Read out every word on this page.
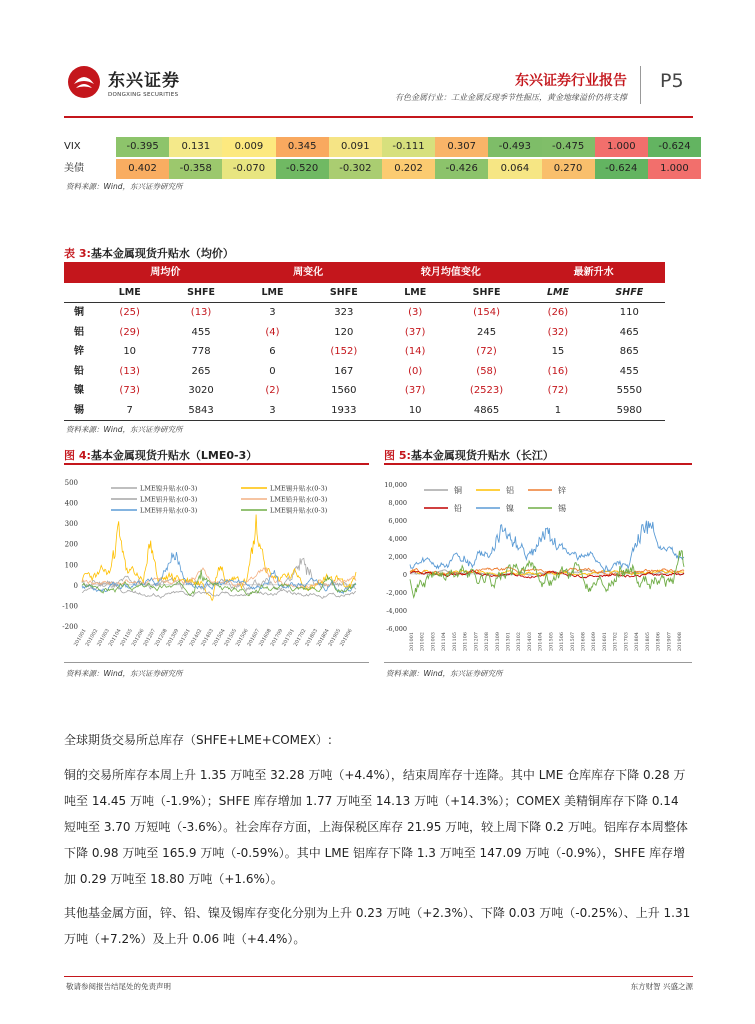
东兴证券
DONGXING SECURITIES
东兴证券行业报告
有色金属行业：工业金属反现季节性掘压，黄金地缘溢价仍将支撑
P5
VIX	-0.395	0.131	0.009	0.345	0.091	-0.111	0.307	-0.493	-0.475	1.000	-0.624
美债	0.402	-0.358	-0.070	-0.520	-0.302	0.202	-0.426	0.064	0.270	-0.624	1.000
资料来源：Wind，东兴证券研究所
表 3:基本金属现货升贴水（均价）
周均价	周变化	较月均值变化	最新升水
LME	SHFE	LME	SHFE	LME	SHFE	LME	SHFE
铜	(25)	(13)	3	323	(3)	(154)	(26)	110
铝	(29)	455	(4)	120	(37)	245	(32)	465
锌	10	778	6	(152)	(14)	(72)	15	865
铅	(13)	265	0	167	(0)	(58)	(16)	455
镍	(73)	3020	(2)	1560	(37)	(2523)	(72)	5550
锡	7	5843	3	1933	10	4865	1	5980
资料来源：Wind，东兴证券研究所
图 4:基本金属现货升贴水（LME0-3）
500
400
300
200
100
0
-100
-200
201001
201002
201003
201104
201105
201206
201207
201208
201309
201301
201402
201403
201504
201505
201506
201607
201608
201709
201701
201702
201803
201804
201905
201906
LME镍升贴水(0-3)	LME锡升贴水(0-3)
LME铝升贴水(0-3)	LME铅升贴水(0-3)
LME锌升贴水(0-3)	LME铜升贴水(0-3)
资料来源：Wind，东兴证券研究所
图 5:基本金属现货升贴水（长江）
10,000
8,000
6,000
4,000
2,000
0
-2,000
-4,000
-6,000
201001 201002 201003 201104 201105 201106 201207 201208 201309 201301 201302 201403 201404 201505 201506 201507 201608 201609 201601 201702 201703 201804 201805 201806 201907 201908
铜	铝	锌
铅	镍	锡
资料来源：Wind，东兴证券研究所
全球期货交易所总库存（SHFE+LME+COMEX）:
铜的交易所库存本周上升 1.35 万吨至 32.28 万吨（+4.4%），结束周库存十连降。其中 LME 仓库库存下降 0.28 万吨至 14.45 万吨（-1.9%）；SHFE 库存增加 1.77 万吨至 14.13 万吨（+14.3%）；COMEX 美精铜库存下降 0.14 短吨至 3.70 万短吨（-3.6%）。社会库存方面，上海保税区库存 21.95 万吨，较上周下降 0.2 万吨。铝库存本周整体下降 0.98 万吨至 165.9 万吨（-0.59%）。其中 LME 铝库存下降 1.3 万吨至 147.09 万吨（-0.9%），SHFE 库存增加 0.29 万吨至 18.80 万吨（+1.6%）。
其他基金属方面，锌、铅、镍及锡库存变化分别为上升 0.23 万吨（+2.3%）、下降 0.03 万吨（-0.25%）、上升 1.31 万吨（+7.2%）及上升 0.06 吨（+4.4%）。
敬请参阅报告结尾处的免责声明	东方财智 兴盛之源
